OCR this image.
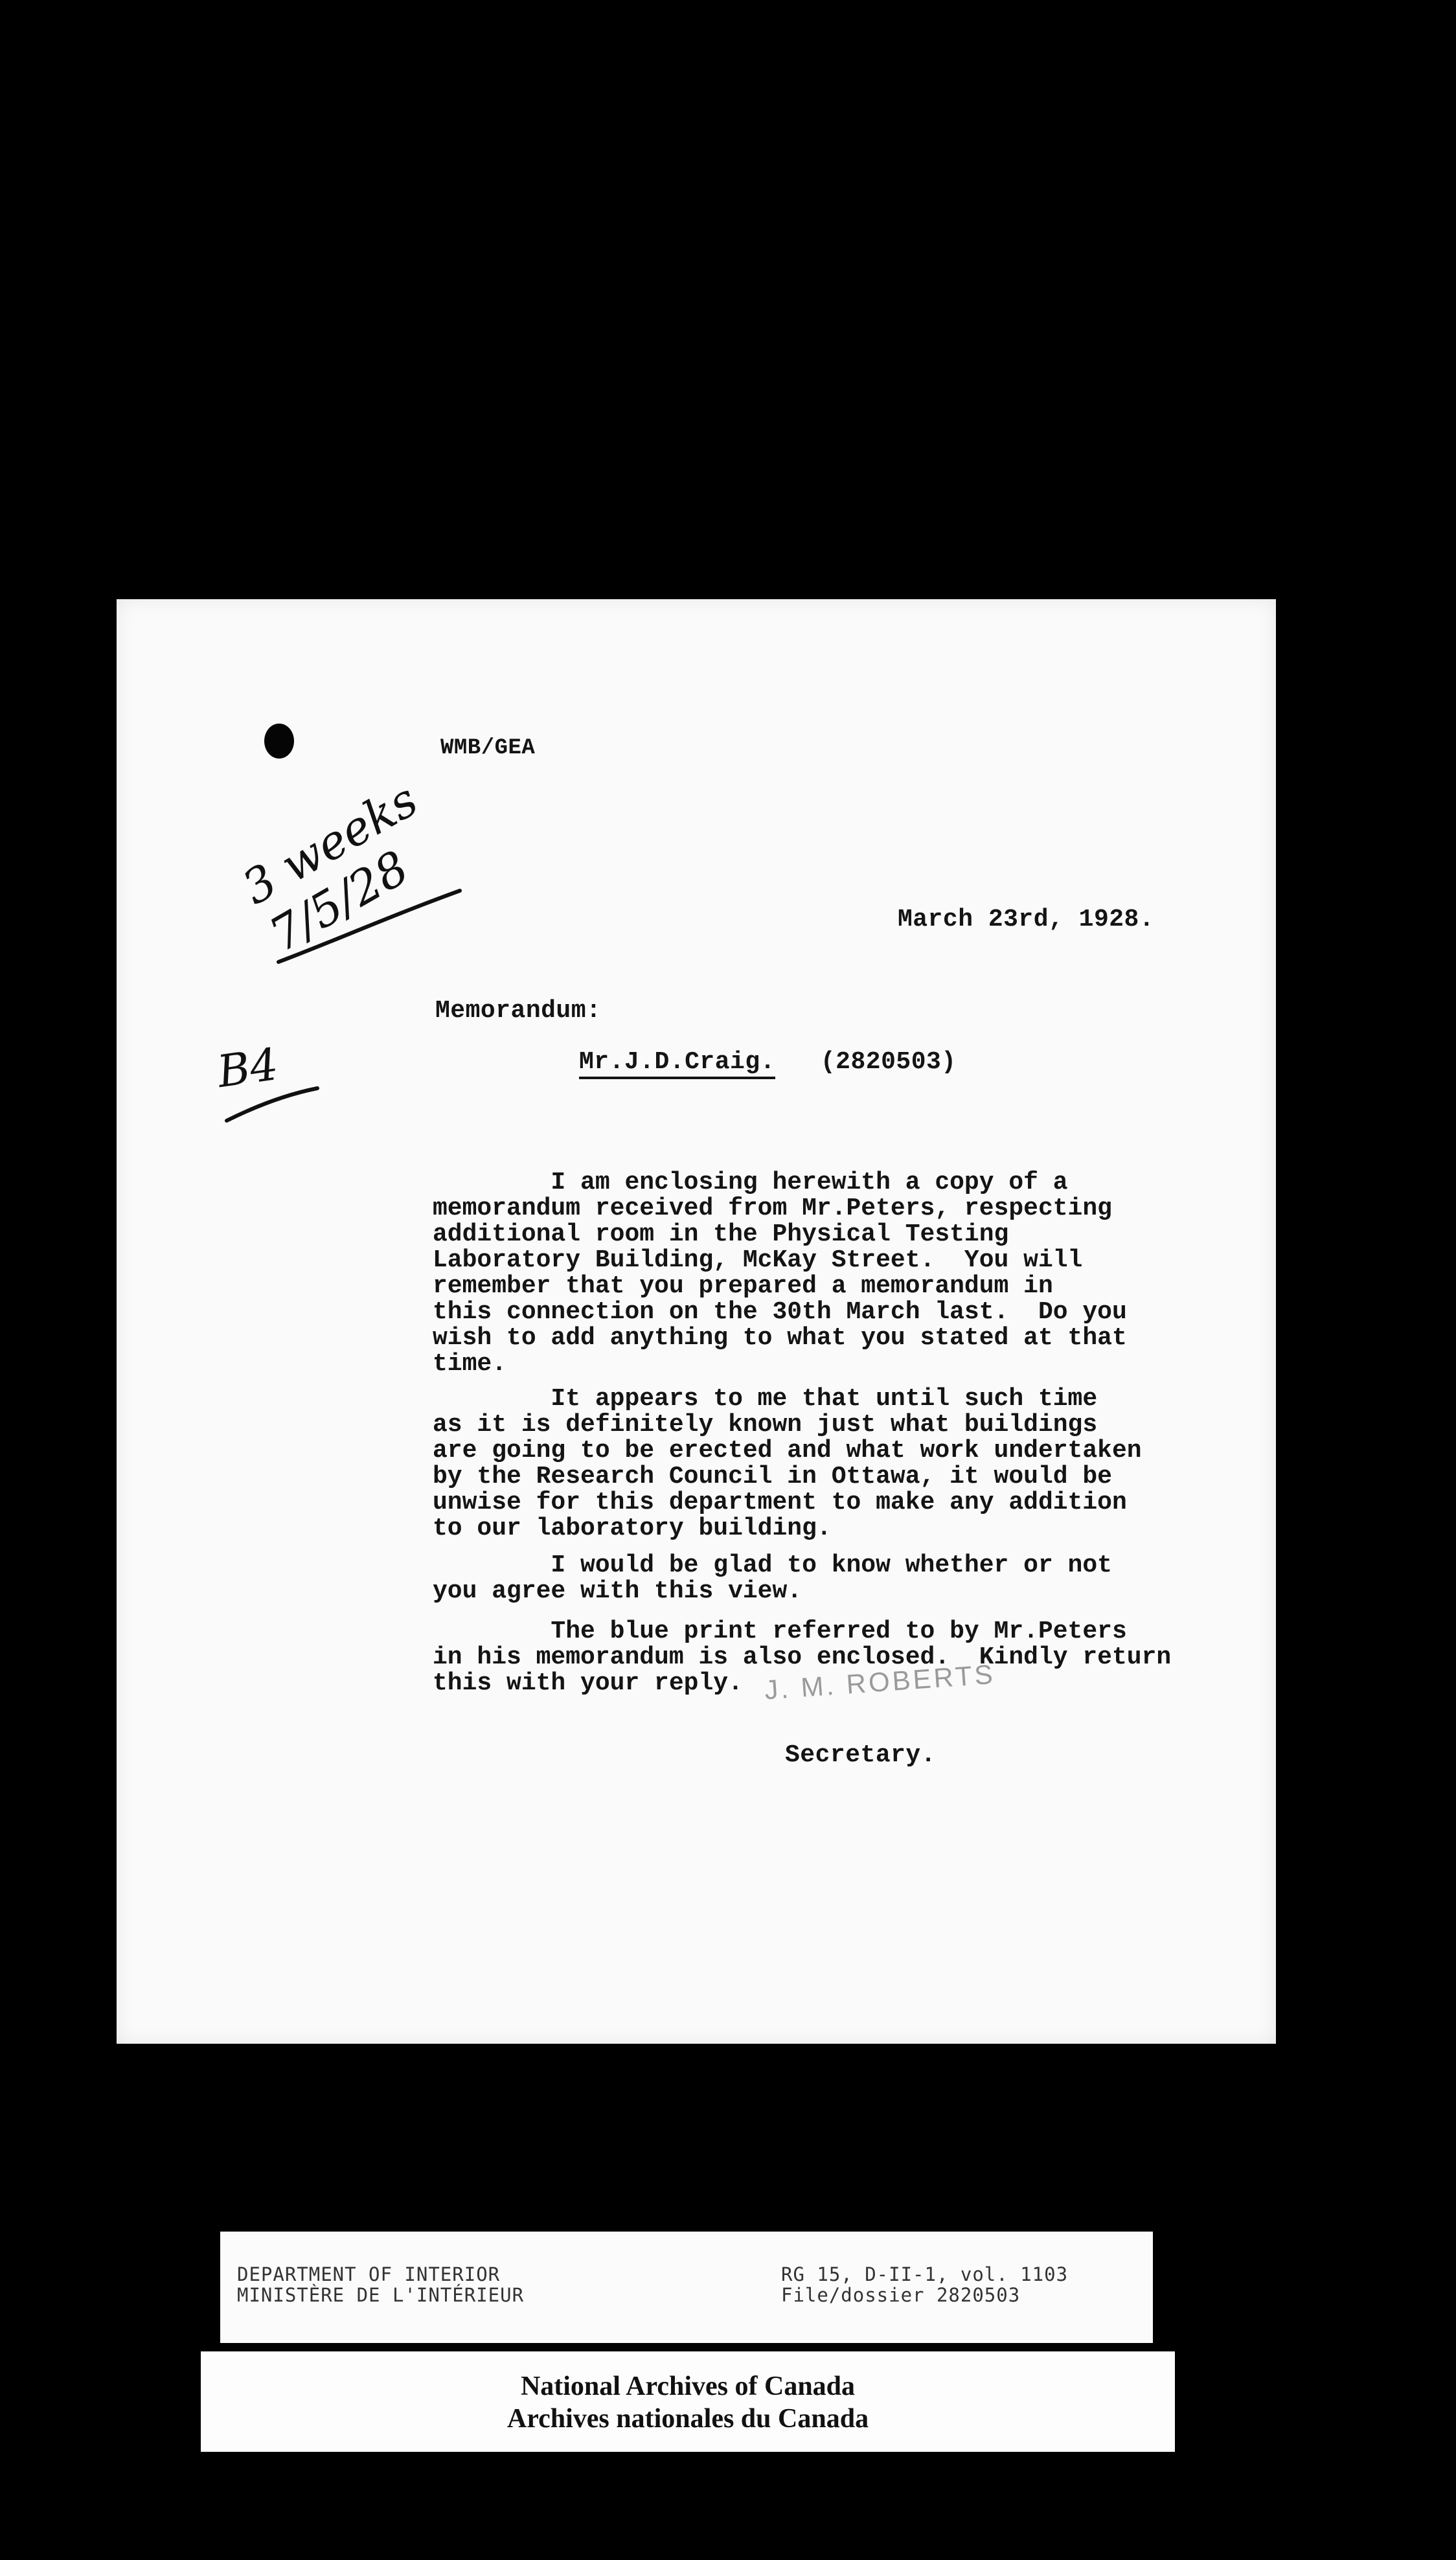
WMB/GEA
March 23rd, 1928.
Memorandum:
Mr.J.D.Craig. (2820503)
I am enclosing herewith a copy of a
memorandum received from Mr.Peters, respecting
additional room in the Physical Testing
Laboratory Building, McKay Street.  You will
remember that you prepared a memorandum in
this connection on the 30th March last.  Do you
wish to add anything to what you stated at that
time.
It appears to me that until such time
as it is definitely known just what buildings
are going to be erected and what work undertaken
by the Research Council in Ottawa, it would be
unwise for this department to make any addition
to our laboratory building.
I would be glad to know whether or not
you agree with this view.
The blue print referred to by Mr.Peters
in his memorandum is also enclosed.  Kindly return
this with your reply. J. M. ROBERTS
Secretary.
3 weeks
7/5/28
B4
DEPARTMENT OF INTERIOR
MINISTÈRE DE L'INTÉRIEUR
RG 15, D-II-1, vol. 1103
File/dossier 2820503
National Archives of Canada
Archives nationales du Canada
